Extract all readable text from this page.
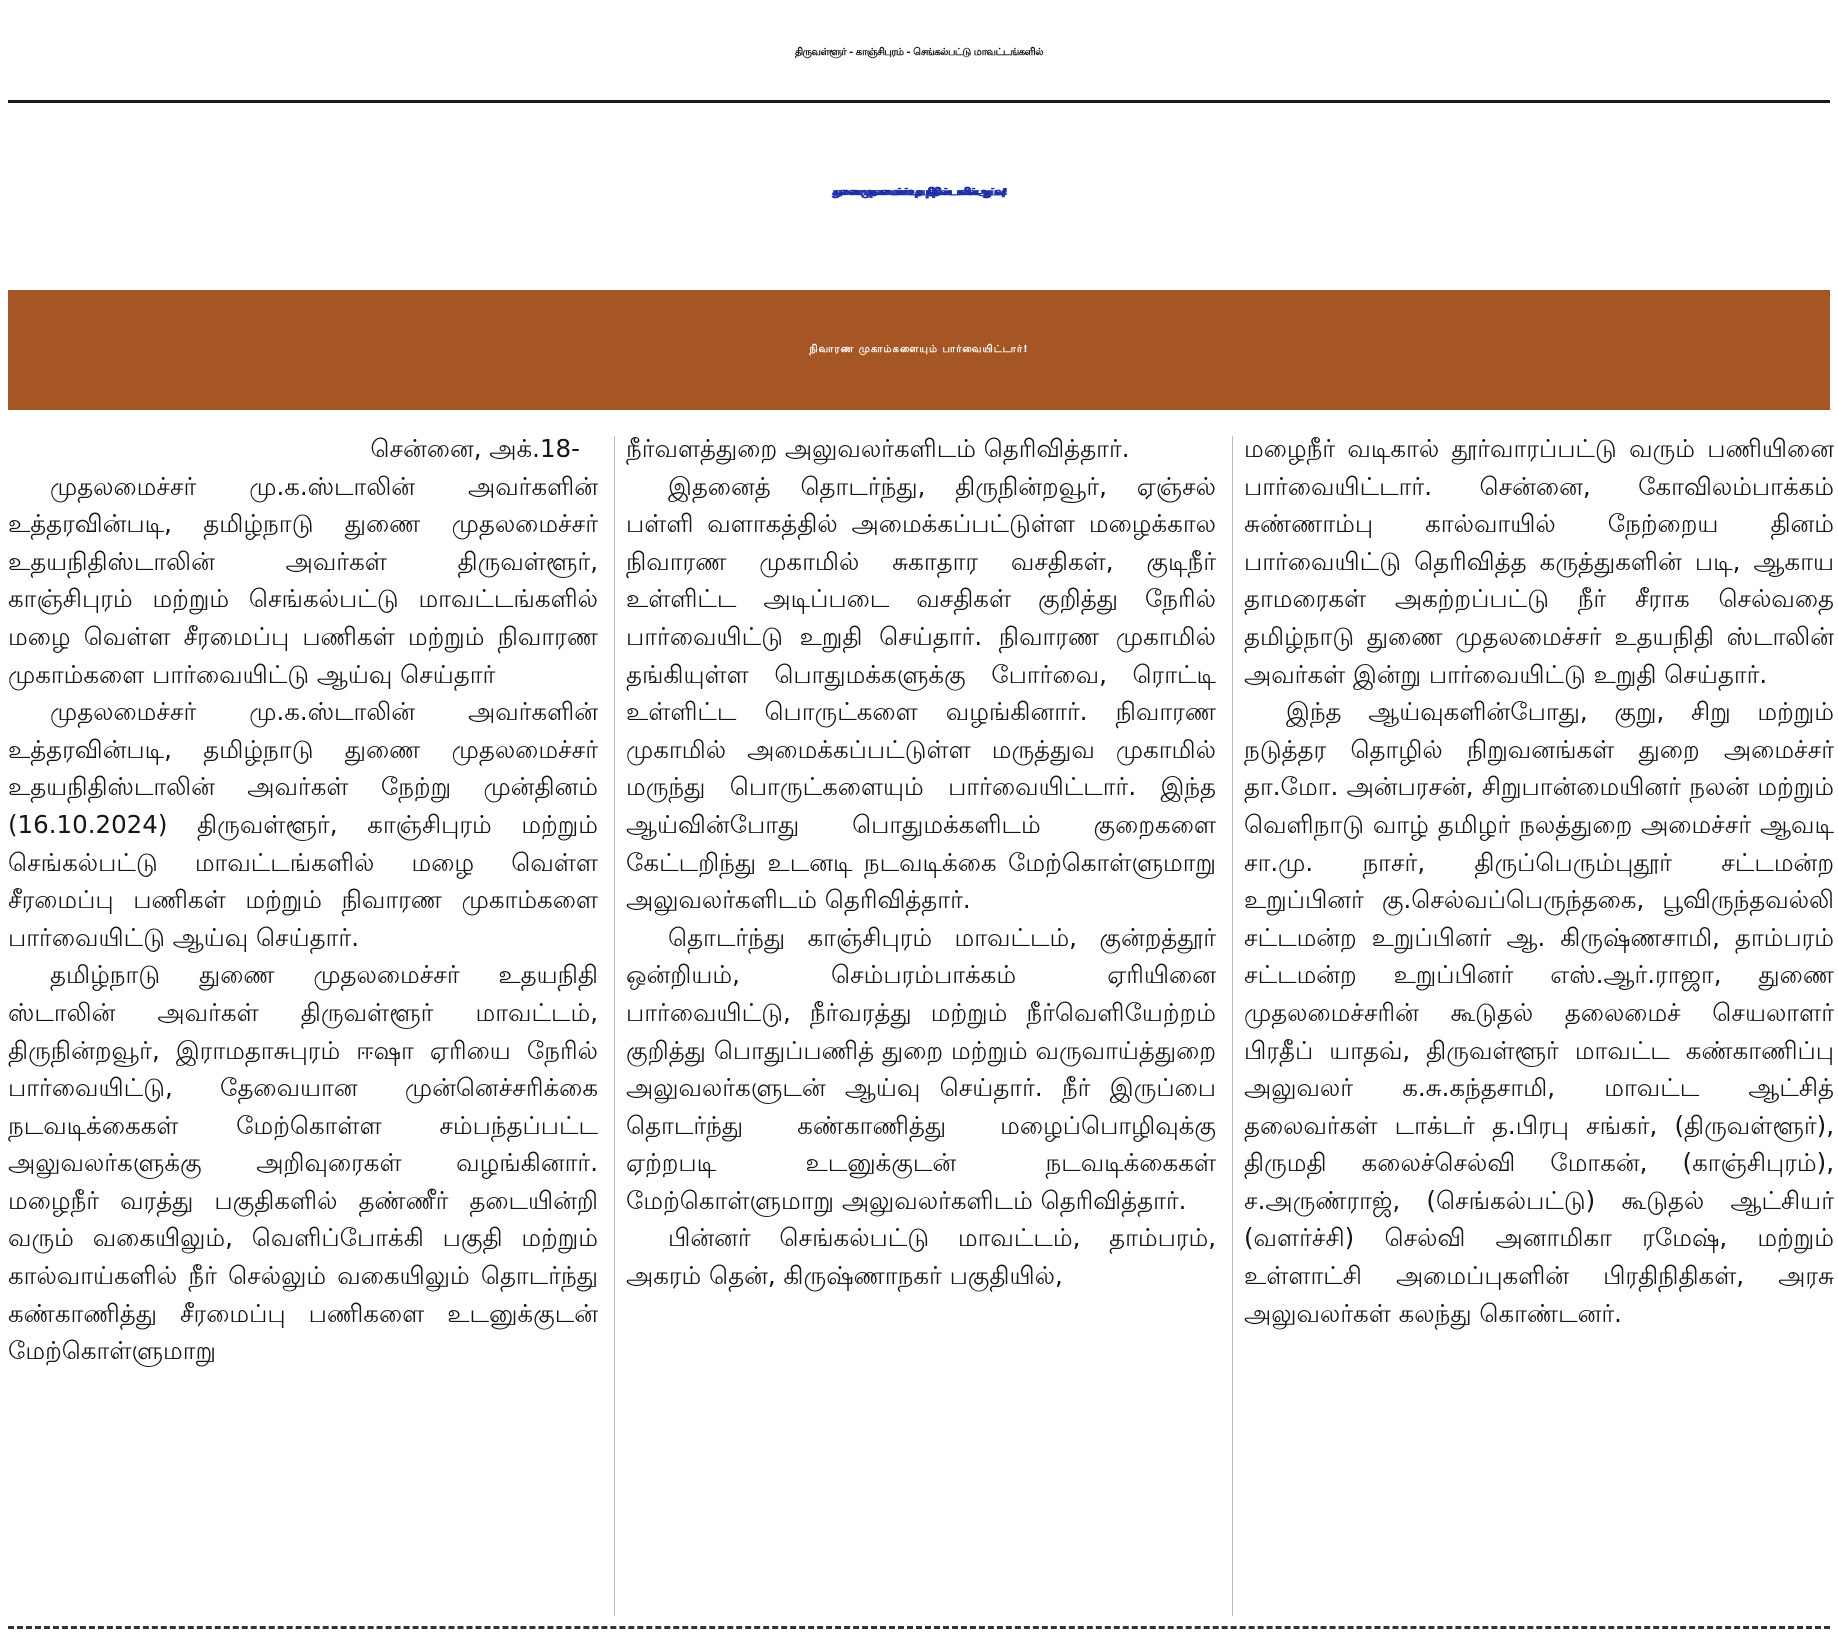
திருவள்ளூர் - காஞ்சிபுரம் - செங்கல்பட்டு மாவட்டங்களில்
துணை முதலமைச்சர் உதயநிதி ஸ்டாலின் ஆய்வு!
நிவாரண முகாம்களையும் பார்வையிட்டார்!
சென்னை, அக்.18-

முதலமைச்சர் மு.க.ஸ்டாலின் அவர்களின் உத்தரவின்படி, தமிழ்நாடு துணை முதலமைச்சர் உதயநிதிஸ்டாலின் அவர்கள் திருவள்ளூர், காஞ்சிபுரம் மற்றும் செங்கல்பட்டு மாவட்டங்களில் மழை வெள்ள சீரமைப்பு பணிகள் மற்றும் நிவாரண முகாம்களை பார்வையிட்டு ஆய்வு செய்தார்

முதலமைச்சர் மு.க.ஸ்டாலின் அவர்களின் உத்தரவின்படி, தமிழ்நாடு துணை முதலமைச்சர் உதயநிதிஸ்டாலின் அவர்கள் நேற்று முன்தினம் (16.10.2024) திருவள்ளூர், காஞ்சிபுரம் மற்றும் செங்கல்பட்டு மாவட்டங்களில் மழை வெள்ள சீரமைப்பு பணிகள் மற்றும் நிவாரண முகாம்களை பார்வையிட்டு ஆய்வு செய்தார்.

தமிழ்நாடு துணை முதலமைச்சர் உதயநிதி ஸ்டாலின் அவர்கள் திருவள்ளூர் மாவட்டம், திருநின்றவூர், இராமதாசுபுரம் ஈஷா ஏரியை நேரில் பார்வையிட்டு, தேவையான முன்னெச்சரிக்கை நடவடிக்கைகள் மேற்கொள்ள சம்பந்தப்பட்ட அலுவலர்களுக்கு அறிவுரைகள் வழங்கினார். மழைநீர் வரத்து பகுதிகளில் தண்ணீர் தடையின்றி வரும் வகையிலும், வெளிப்போக்கி பகுதி மற்றும் கால்வாய்களில் நீர் செல்லும் வகையிலும் தொடர்ந்து கண்காணித்து சீரமைப்பு பணிகளை உடனுக்குடன் மேற்கொள்ளுமாறு

நீர்வளத்துறை அலுவலர்களிடம் தெரிவித்தார்.

இதனைத் தொடர்ந்து, திருநின்றவூர், ஏஞ்சல் பள்ளி வளாகத்தில் அமைக்கப்பட்டுள்ள மழைக்கால நிவாரண முகாமில் சுகாதார வசதிகள், குடிநீர் உள்ளிட்ட அடிப்படை வசதிகள் குறித்து நேரில் பார்வையிட்டு உறுதி செய்தார். நிவாரண முகாமில் தங்கியுள்ள பொதுமக்களுக்கு போர்வை, ரொட்டி உள்ளிட்ட பொருட்களை வழங்கினார். நிவாரண முகாமில் அமைக்கப்பட்டுள்ள மருத்துவ முகாமில் மருந்து பொருட்களையும் பார்வையிட்டார். இந்த ஆய்வின்போது பொதுமக்களிடம் குறைகளை கேட்டறிந்து உடனடி நடவடிக்கை மேற்கொள்ளுமாறு அலுவலர்களிடம் தெரிவித்தார்.

தொடர்ந்து காஞ்சிபுரம் மாவட்டம், குன்றத்தூர் ஒன்றியம், செம்பரம்பாக்கம் ஏரியினை பார்வையிட்டு, நீர்வரத்து மற்றும் நீர்வெளியேற்றம் குறித்து பொதுப்பணித் துறை மற்றும் வருவாய்த்துறை அலுவலர்களுடன் ஆய்வு செய்தார். நீர் இருப்பை தொடர்ந்து கண்காணித்து மழைப்பொழிவுக்கு ஏற்றபடி உடனுக்குடன் நடவடிக்கைகள் மேற்கொள்ளுமாறு அலுவலர்களிடம் தெரிவித்தார்.

பின்னர் செங்கல்பட்டு மாவட்டம், தாம்பரம், அகரம் தென், கிருஷ்ணாநகர் பகுதியில்,

மழைநீர் வடிகால் தூர்வாரப்பட்டு வரும் பணியினை பார்வையிட்டார். சென்னை, கோவிலம்பாக்கம் சுண்ணாம்பு கால்வாயில் நேற்றைய தினம் பார்வையிட்டு தெரிவித்த கருத்துகளின் படி, ஆகாய தாமரைகள் அகற்றப்பட்டு நீர் சீராக செல்வதை தமிழ்நாடு துணை முதலமைச்சர் உதயநிதி ஸ்டாலின் அவர்கள் இன்று பார்வையிட்டு உறுதி செய்தார்.

இந்த ஆய்வுகளின்போது, குறு, சிறு மற்றும் நடுத்தர தொழில் நிறுவனங்கள் துறை அமைச்சர் தா.மோ. அன்பரசன், சிறுபான்மையினர் நலன் மற்றும் வெளிநாடு வாழ் தமிழர் நலத்துறை அமைச்சர் ஆவடி சா.மு. நாசர், திருப்பெரும்புதூர் சட்டமன்ற உறுப்பினர் கு.செல்வப்பெருந்தகை, பூவிருந்தவல்லி சட்டமன்ற உறுப்பினர் ஆ. கிருஷ்ணசாமி, தாம்பரம் சட்டமன்ற உறுப்பினர் எஸ்.ஆர்.ராஜா, துணை முதலமைச்சரின் கூடுதல் தலைமைச் செயலாளர் பிரதீப் யாதவ், திருவள்ளூர் மாவட்ட கண்காணிப்பு அலுவலர் க.சு.கந்தசாமி, மாவட்ட ஆட்சித் தலைவர்கள் டாக்டர் த.பிரபு சங்கர், (திருவள்ளூர்), திருமதி கலைச்செல்வி மோகன், (காஞ்சிபுரம்), ச.அருண்ராஜ், (செங்கல்பட்டு) கூடுதல் ஆட்சியர் (வளர்ச்சி) செல்வி அனாமிகா ரமேஷ், மற்றும் உள்ளாட்சி அமைப்புகளின் பிரதிநிதிகள், அரசு அலுவலர்கள் கலந்து கொண்டனர்.
